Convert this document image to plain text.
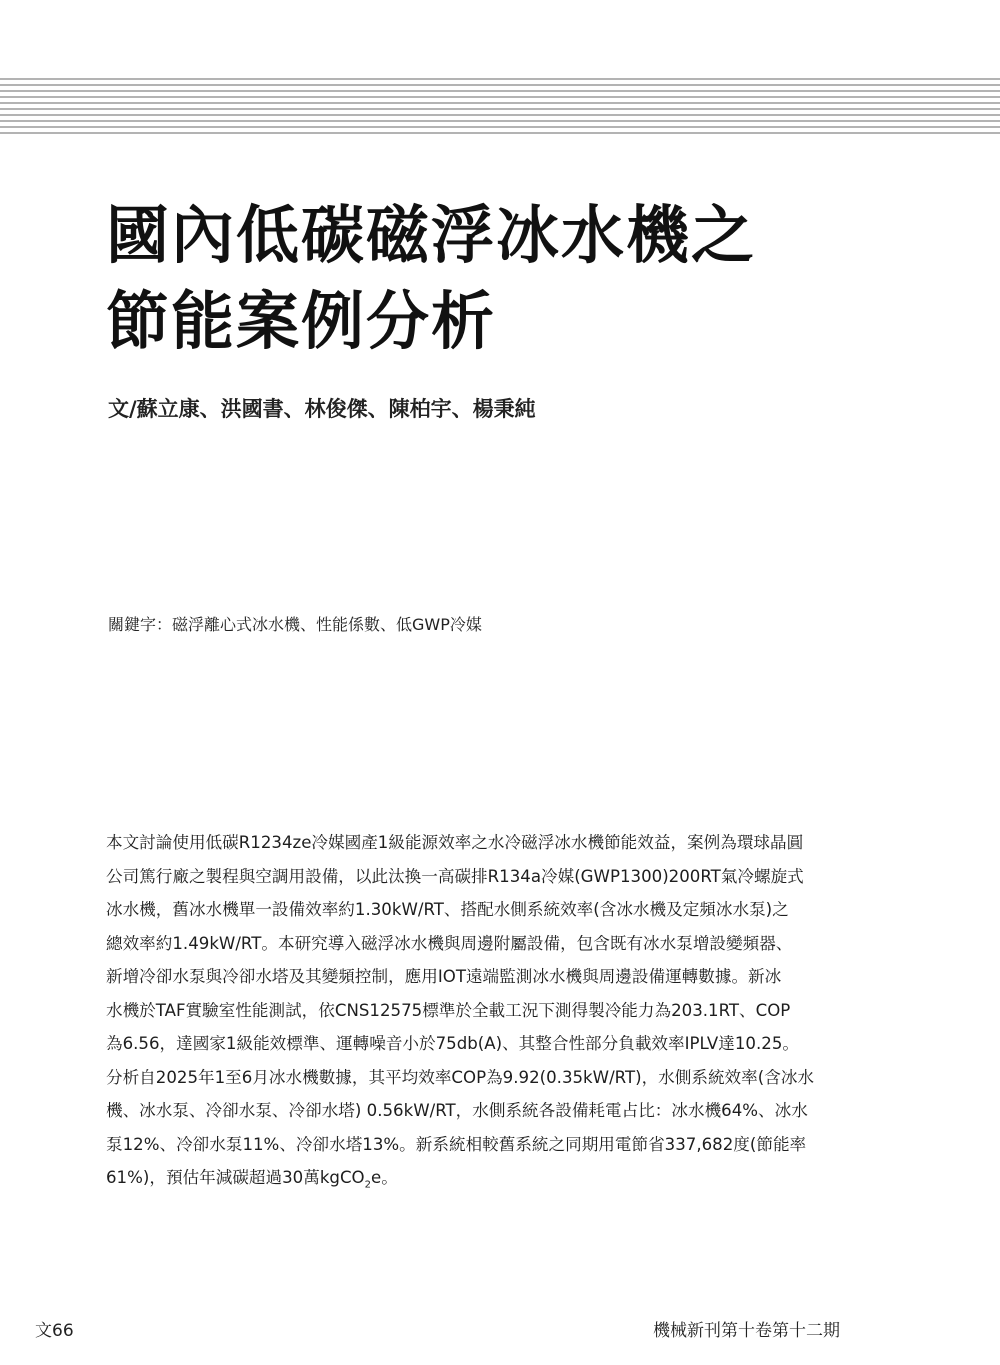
國內低碳磁浮冰水機之
節能案例分析
文/蘇立康、洪國書、林俊傑、陳柏宇、楊秉純
關鍵字：磁浮離心式冰水機、性能係數、低GWP冷媒
本文討論使用低碳R1234ze冷媒國產1級能源效率之水冷磁浮冰水機節能效益，案例為環球晶圓
公司篤行廠之製程與空調用設備，以此汰換一高碳排R134a冷媒(GWP1300)200RT氣冷螺旋式
冰水機，舊冰水機單一設備效率約1.30kW/RT、搭配水側系統效率(含冰水機及定頻冰水泵)之
總效率約1.49kW/RT。本研究導入磁浮冰水機與周邊附屬設備，包含既有冰水泵增設變頻器、
新增冷卻水泵與冷卻水塔及其變頻控制，應用IOT遠端監測冰水機與周邊設備運轉數據。新冰
水機於TAF實驗室性能測試，依CNS12575標準於全載工況下測得製冷能力為203.1RT、COP
為6.56，達國家1級能效標準、運轉噪音小於75db(A)、其整合性部分負載效率IPLV達10.25。
分析自2025年1至6月冰水機數據，其平均效率COP為9.92(0.35kW/RT)，水側系統效率(含冰水
機、冰水泵、冷卻水泵、冷卻水塔) 0.56kW/RT，水側系統各設備耗電占比：冰水機64%、冰水
泵12%、冷卻水泵11%、冷卻水塔13%。新系統相較舊系統之同期用電節省337,682度(節能率
61%)，預估年減碳超過30萬kgCO$_2$e。
文66	機械新刊第十卷第十二期
